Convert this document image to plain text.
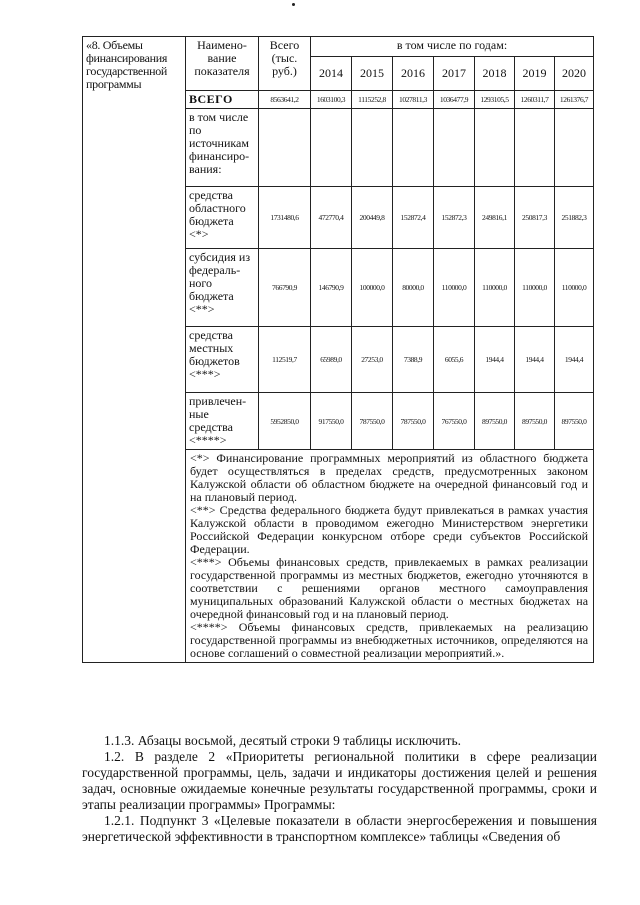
«8. Объемы финансирования государственной программы	Наимено-вание показателя	Всего (тыс. руб.)	в том числе по годам:						
			2014	2015	2016	2017	2018	2019	2020
	ВСЕГО	8563641,2	1603100,3	1115252,8	1027811,3	1036477,9	1293105,5	1260311,7	1261376,7
	в том числе по источникам финансиро-вания:								
	средства областного бюджета <*>	1731480,6	472770,4	200449,8	152872,4	152872,3	249816,1	250817,3	251882,3
	субсидия из федераль-ного бюджета <**>	766790,9	146790,9	100000,0	80000,0	110000,0	110000,0	110000,0	110000,0
	средства местных бюджетов <***>	112519,7	65989,0	27253,0	7388,9	6055,6	1944,4	1944,4	1944,4
	привлечен-ные средства <****>	5952850,0	917550,0	787550,0	787550,0	767550,0	897550,0	897550,0	897550,0

	<*> Финансирование программных мероприятий из областного бюджета будет осуществляться в пределах средств, предусмотренных законом Калужской области об областном бюджете на очередной финансовый год и на плановый период.

<**> Средства федерального бюджета будут привлекаться в рамках участия Калужской области в проводимом ежегодно Министерством энергетики Российской Федерации конкурсном отборе среди субъектов Российской Федерации.

<***> Объемы финансовых средств, привлекаемых в рамках реализации государственной программы из местных бюджетов, ежегодно уточняются в соответствии с решениями органов местного самоуправления муниципальных образований Калужской области о местных бюджетах на очередной финансовый год и на плановый период.

<****> Объемы финансовых средств, привлекаемых на реализацию государственной программы из внебюджетных источников, определяются на основе соглашений о совместной реализации мероприятий.».								

1.1.3. Абзацы восьмой, десятый строки 9 таблицы исключить.

1.2. В разделе 2 «Приоритеты региональной политики в сфере реализации государственной программы, цель, задачи и индикаторы достижения целей и решения задач, основные ожидаемые конечные результаты государственной программы, сроки и этапы реализации программы» Программы:

1.2.1. Подпункт 3 «Целевые показатели в области энергосбережения и повышения энергетической эффективности в транспортном комплексе» таблицы «Сведения об
